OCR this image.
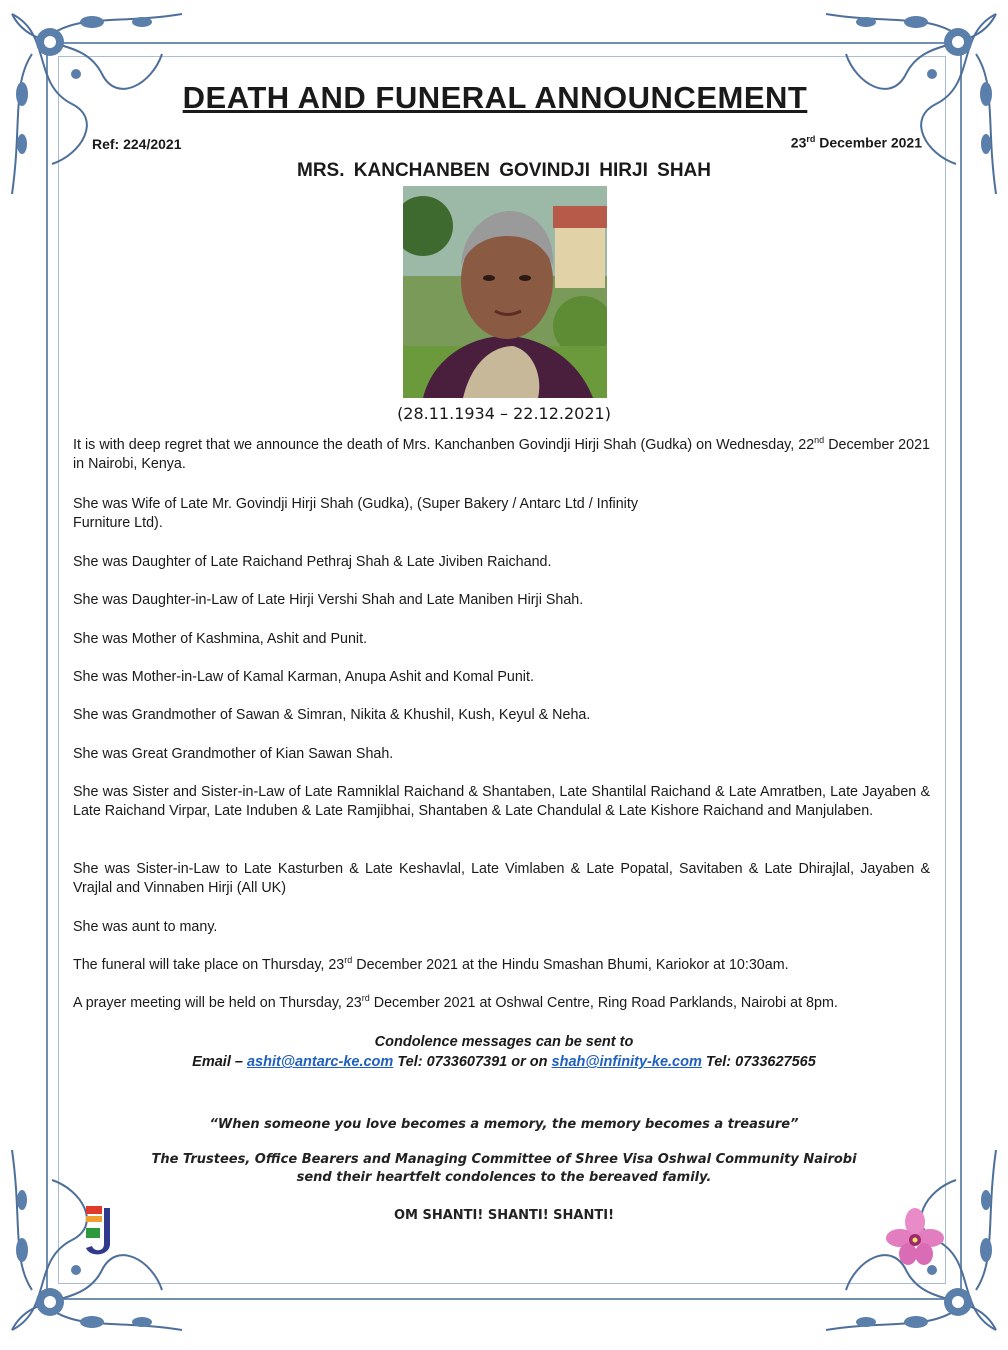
DEATH AND FUNERAL ANNOUNCEMENT
Ref: 224/2021	23rd December 2021
MRS. KANCHANBEN GOVINDJI HIRJI SHAH
(28.11.1934 – 22.12.2021)
It is with deep regret that we announce the death of Mrs. Kanchanben Govindji Hirji Shah (Gudka) on Wednesday, 22nd December 2021 in Nairobi, Kenya.
She was Wife of Late Mr. Govindji Hirji Shah (Gudka), (Super Bakery / Antarc Ltd / Infinity
Furniture Ltd).
She was Daughter of Late Raichand Pethraj Shah & Late Jiviben Raichand.
She was Daughter-in-Law of Late Hirji Vershi Shah and Late Maniben Hirji Shah.
She was Mother of Kashmina, Ashit and Punit.
She was Mother-in-Law of Kamal Karman, Anupa Ashit and Komal Punit.
She was Grandmother of Sawan & Simran, Nikita & Khushil, Kush, Keyul & Neha.
She was Great Grandmother of Kian Sawan Shah.
She was Sister and Sister-in-Law of Late Ramniklal Raichand & Shantaben, Late Shantilal Raichand & Late Amratben, Late Jayaben & Late Raichand Virpar, Late Induben & Late Ramjibhai, Shantaben & Late Chandulal & Late Kishore Raichand and Manjulaben.
She was Sister-in-Law to Late Kasturben & Late Keshavlal, Late Vimlaben & Late Popatal, Savitaben & Late Dhirajlal, Jayaben & Vrajlal and Vinnaben Hirji (All UK)
She was aunt to many.
The funeral will take place on Thursday, 23rd December 2021 at the Hindu Smashan Bhumi, Kariokor at 10:30am.
A prayer meeting will be held on Thursday, 23rd December 2021 at Oshwal Centre, Ring Road Parklands, Nairobi at 8pm.
Condolence messages can be sent to
Email – ashit@antarc-ke.com Tel: 0733607391 or on shah@infinity-ke.com Tel: 0733627565
“When someone you love becomes a memory, the memory becomes a treasure”
The Trustees, Office Bearers and Managing Committee of Shree Visa Oshwal Community Nairobi
send their heartfelt condolences to the bereaved family.
OM SHANTI! SHANTI! SHANTI!
